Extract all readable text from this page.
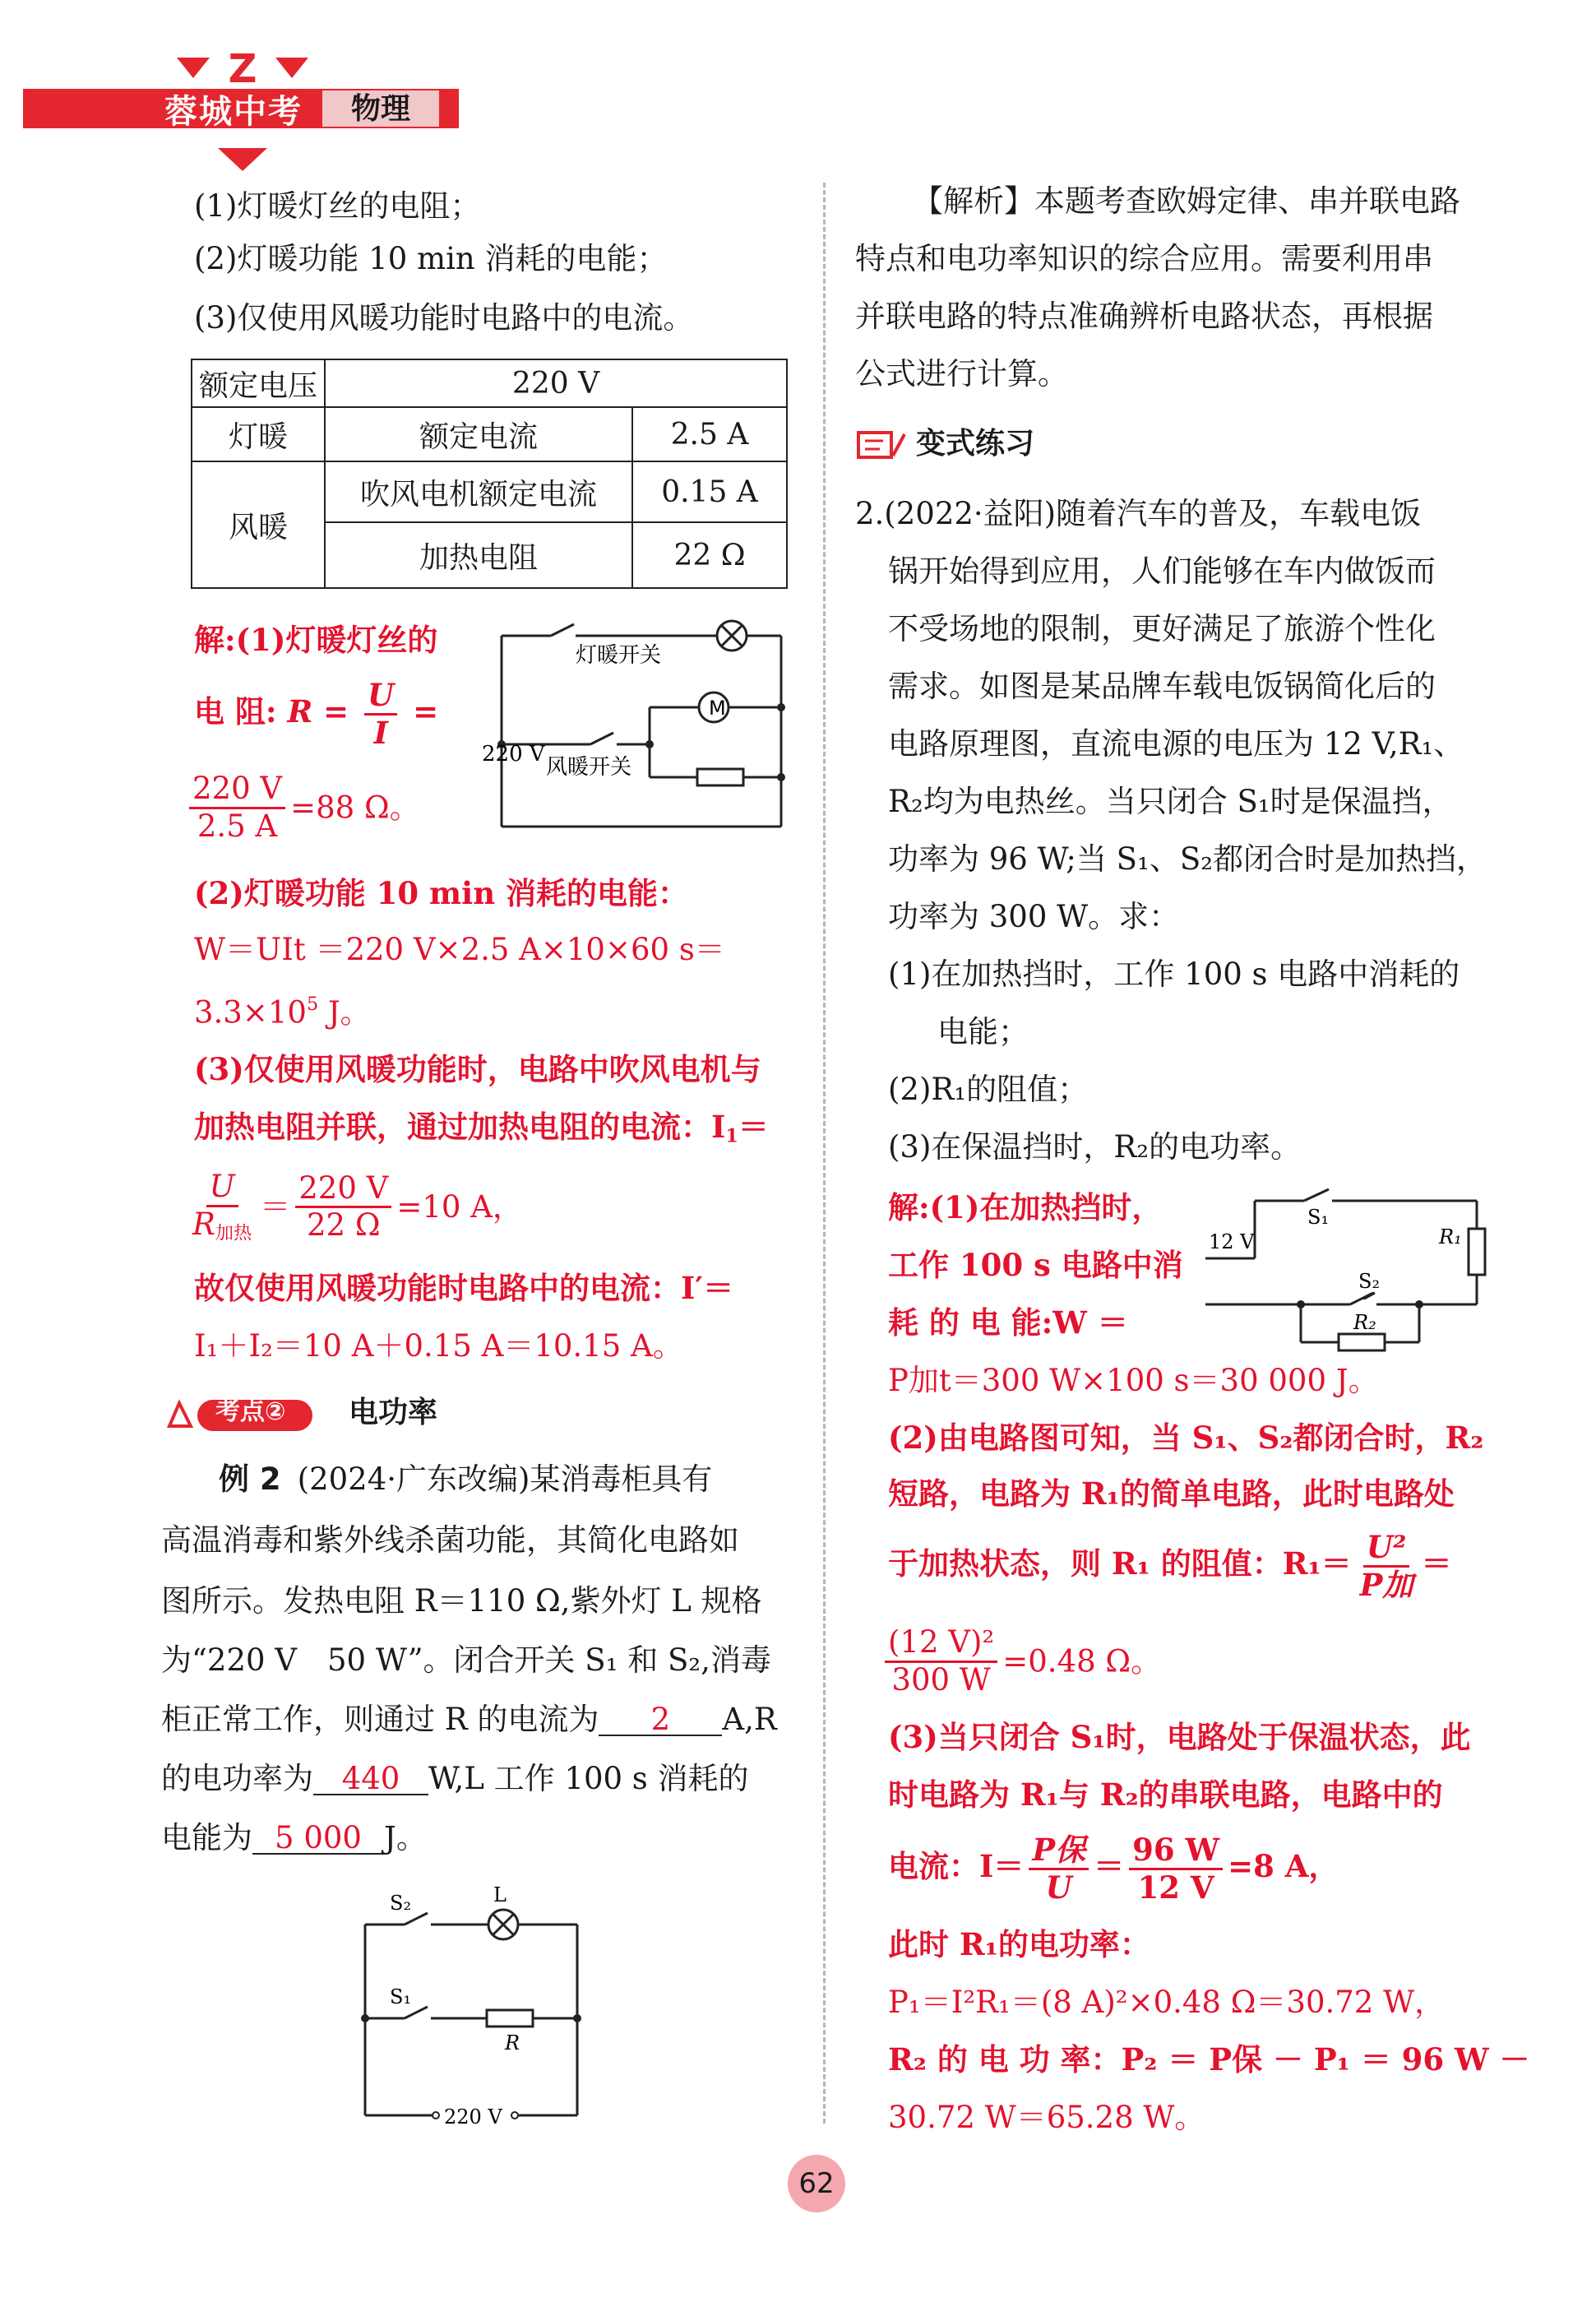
Z
蓉城中考	物理
(1)灯暖灯丝的电阻；
(2)灯暖功能 10 min 消耗的电能；
(3)仅使用风暖功能时电路中的电流。
额定电压	220 V	
灯暖	额定电流	2.5 A
风暖	吹风电机额定电流	0.15 A
	加热电阻	22 Ω
灯暖开关
M
220 V
风暖开关
解:(1)灯暖灯丝的
电 阻: $R = \frac{U}{I}$ =
$\frac{220 V}{2.5 A} =88$ Ω。
(2)灯暖功能 10 min 消耗的电能：
W＝UIt ＝220 V×2.5 A×10×60 s＝
$3.3\times 10^5$ J。
(3)仅使用风暖功能时，电路中吹风电机与
加热电阻并联，通过加热电阻的电流：$I_1=$
$\frac{U}{R_{加热}} = \frac{220 V}{22 \Omega} =10$ A，
故仅使用风暖功能时电路中的电流：I′＝
I₁＋I₂＝10 A＋0.15 A＝10.15 A。
考点② 电功率
例 2 (2024·广东改编)某消毒柜具有
高温消毒和紫外线杀菌功能，其简化电路如
图所示。发热电阻 R＝110 Ω,紫外灯 L 规格
为“220 V　50 W”。闭合开关 S₁ 和 S₂,消毒
柜正常工作，则通过 R 的电流为 2 A,R
的电功率为 440 W,L 工作 100 s 消耗的
电能为 5 000 J。
S₂	L
S₁
R
220 V
【解析】本题考查欧姆定律、串并联电路
特点和电功率知识的综合应用。需要利用串
并联电路的特点准确辨析电路状态，再根据
公式进行计算。
变式练习
2.(2022·益阳)随着汽车的普及，车载电饭
锅开始得到应用，人们能够在车内做饭而
不受场地的限制，更好满足了旅游个性化
需求。如图是某品牌车载电饭锅简化后的
电路原理图，直流电源的电压为 12 V,R₁、
R₂均为电热丝。当只闭合 S₁时是保温挡，
功率为 96 W;当 S₁、S₂都闭合时是加热挡，
功率为 300 W。求：
(1)在加热挡时，工作 100 s 电路中消耗的
电能；
(2)R₁的阻值；
(3)在保温挡时，R₂的电功率。
12 V
S₁
R₁
S₂
R₂
解:(1)在加热挡时，
工作 100 s 电路中消
耗 的 电 能:W ＝
P加t＝300 W×100 s＝30 000 J。
(2)由电路图可知，当 S₁、S₂都闭合时，R₂
短路，电路为 R₁的简单电路，此时电路处
于加热状态，则 R₁ 的阻值：$R_1= \frac{\text{U²}}{\text{P加}}$ ＝
$\frac{\text{(12 V)²}}{300 W} =0.48$ Ω。
(3)当只闭合 S₁时，电路处于保温状态，此
时电路为 R₁与 R₂的串联电路，电路中的
电流：$I= \frac{\text{P保}}{U} = \frac{96 W}{12 V} =8$ A，
此时 R₁的电功率：
P₁＝I²R₁＝(8 A)²×0.48 Ω＝30.72 W，
R₂ 的 电 功 率：P₂ ＝ P保 － P₁ ＝ 96 W －
30.72 W＝65.28 W。
62
